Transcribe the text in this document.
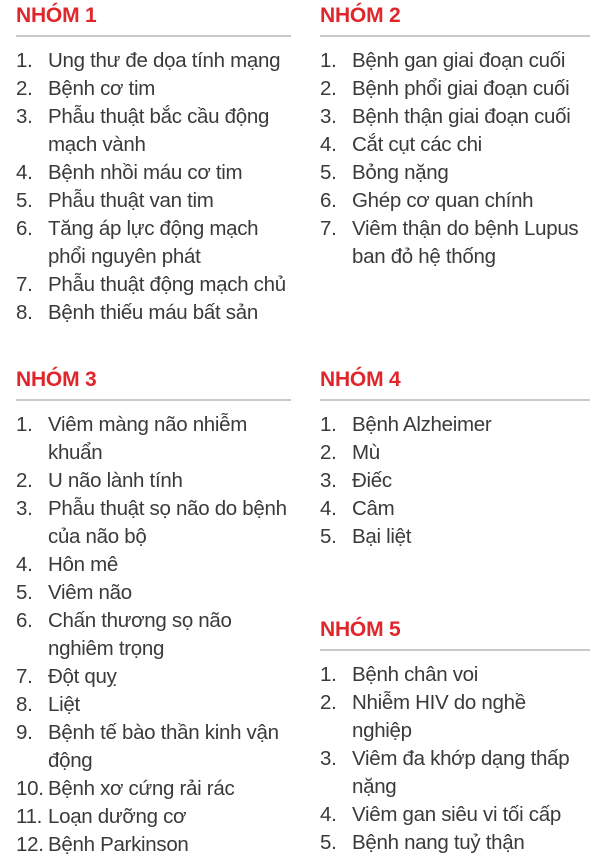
NHÓM 1
1. Ung thư đe dọa tính mạng
2. Bệnh cơ tim
3. Phẫu thuật bắc cầu động mạch vành
4. Bệnh nhồi máu cơ tim
5. Phẫu thuật van tim
6. Tăng áp lực động mạch phổi nguyên phát
7. Phẫu thuật động mạch chủ
8. Bệnh thiếu máu bất sản
NHÓM 2
1. Bệnh gan giai đoạn cuối
2. Bệnh phổi giai đoạn cuối
3. Bệnh thận giai đoạn cuối
4. Cắt cụt các chi
5. Bỏng nặng
6. Ghép cơ quan chính
7. Viêm thận do bệnh Lupus ban đỏ hệ thống
NHÓM 3
1. Viêm màng não nhiễm khuẩn
2. U não lành tính
3. Phẫu thuật sọ não do bệnh của não bộ
4. Hôn mê
5. Viêm não
6. Chấn thương sọ não nghiêm trọng
7. Đột quỵ
8. Liệt
9. Bệnh tế bào thần kinh vận động
10. Bệnh xơ cứng rải rác
11. Loạn dưỡng cơ
12. Bệnh Parkinson
NHÓM 4
1. Bệnh Alzheimer
2. Mù
3. Điếc
4. Câm
5. Bại liệt
NHÓM 5
1. Bệnh chân voi
2. Nhiễm HIV do nghề nghiệp
3. Viêm đa khớp dạng thấp nặng
4. Viêm gan siêu vi tối cấp
5. Bệnh nang tuỷ thận
